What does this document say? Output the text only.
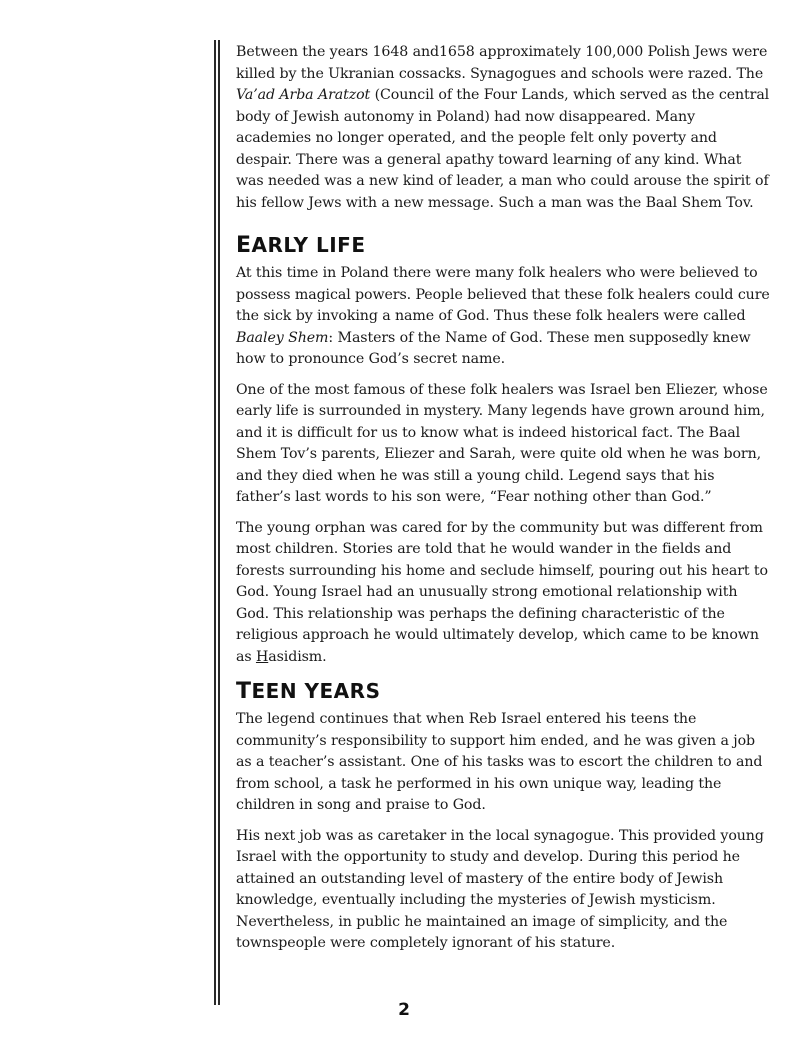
Between the years 1648 and1658 approximately 100,000 Polish Jews were killed by the Ukranian cossacks. Synagogues and schools were razed. The Va’ad Arba Aratzot (Council of the Four Lands, which served as the central body of Jewish autonomy in Poland) had now disappeared. Many academies no longer operated, and the people felt only poverty and despair. There was a general apathy toward learning of any kind. What was needed was a new kind of leader, a man who could arouse the spirit of his fellow Jews with a new message. Such a man was the Baal Shem Tov.

EARLY LIFE

At this time in Poland there were many folk healers who were believed to possess magical powers. People believed that these folk healers could cure the sick by invoking a name of God. Thus these folk healers were called Baaley Shem: Masters of the Name of God. These men supposedly knew how to pronounce God’s secret name.

One of the most famous of these folk healers was Israel ben Eliezer, whose early life is surrounded in mystery. Many legends have grown around him, and it is difficult for us to know what is indeed historical fact. The Baal Shem Tov’s parents, Eliezer and Sarah, were quite old when he was born, and they died when he was still a young child. Legend says that his father’s last words to his son were, “Fear nothing other than God.”

The young orphan was cared for by the community but was different from most children. Stories are told that he would wander in the fields and forests surrounding his home and seclude himself, pouring out his heart to God. Young Israel had an unusually strong emotional relationship with God. This relationship was perhaps the defining characteristic of the religious approach he would ultimately develop, which came to be known as Hasidism.

TEEN YEARS

The legend continues that when Reb Israel entered his teens the community’s responsibility to support him ended, and he was given a job as a teacher’s assistant. One of his tasks was to escort the children to and from school, a task he performed in his own unique way, leading the children in song and praise to God.

His next job was as caretaker in the local synagogue. This provided young Israel with the opportunity to study and develop. During this period he attained an outstanding level of mastery of the entire body of Jewish knowledge, eventually including the mysteries of Jewish mysticism. Nevertheless, in public he maintained an image of simplicity, and the townspeople were completely ignorant of his stature.

2
